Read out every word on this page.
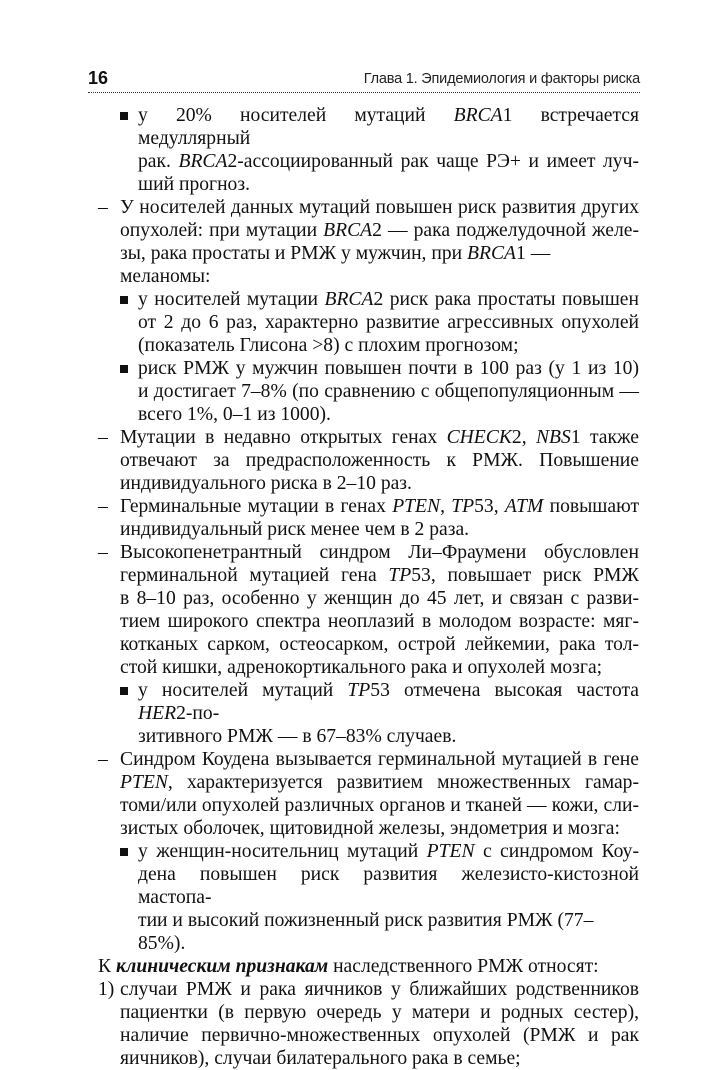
16	Глава 1. Эпидемиология и факторы риска
у 20% носителей мутаций BRCA1 встречается медуллярный
рак. BRCA2-ассоциированный рак чаще РЭ+ и имеет луч-
ший прогноз.
– У носителей данных мутаций повышен риск развития других
опухолей: при мутации BRCA2 — рака поджелудочной желе-
зы, рака простаты и РМЖ у мужчин, при BRCA1 — меланомы:
у носителей мутации BRCA2 риск рака простаты повышен
от 2 до 6 раз, характерно развитие агрессивных опухолей
(показатель Глисона >8) с плохим прогнозом;
риск РМЖ у мужчин повышен почти в 100 раз (у 1 из 10)
и достигает 7–8% (по сравнению с общепопуляционным —
всего 1%, 0–1 из 1000).
– Мутации в недавно открытых генах CHECK2, NBS1 также
отвечают за предрасположенность к РМЖ. Повышение
индивидуального риска в 2–10 раз.
– Герминальные мутации в генах PTEN, TP53, ATM повышают
индивидуальный риск менее чем в 2 раза.
– Высокопенетрантный синдром Ли–Фраумени обусловлен
герминальной мутацией гена TP53, повышает риск РМЖ
в 8–10 раз, особенно у женщин до 45 лет, и связан с разви-
тием широкого спектра неоплазий в молодом возрасте: мяг-
котканых сарком, остеосарком, острой лейкемии, рака тол-
стой кишки, адренокортикального рака и опухолей мозга;
у носителей мутаций TP53 отмечена высокая частота HER2-по-
зитивного РМЖ — в 67–83% случаев.
– Синдром Коудена вызывается герминальной мутацией в гене
PTEN, характеризуется развитием множественных гамар-
томи/или опухолей различных органов и тканей — кожи, сли-
зистых оболочек, щитовидной железы, эндометрия и мозга:
у женщин-носительниц мутаций PTEN с синдромом Коу-
дена повышен риск развития железисто-кистозной мастопа-
тии и высокий пожизненный риск развития РМЖ (77–85%).
К клиническим признакам наследственного РМЖ относят:
1) случаи РМЖ и рака яичников у ближайших родственников
пациентки (в первую очередь у матери и родных сестер),
наличие первично-множественных опухолей (РМЖ и рак
яичников), случаи билатерального рака в семье;
